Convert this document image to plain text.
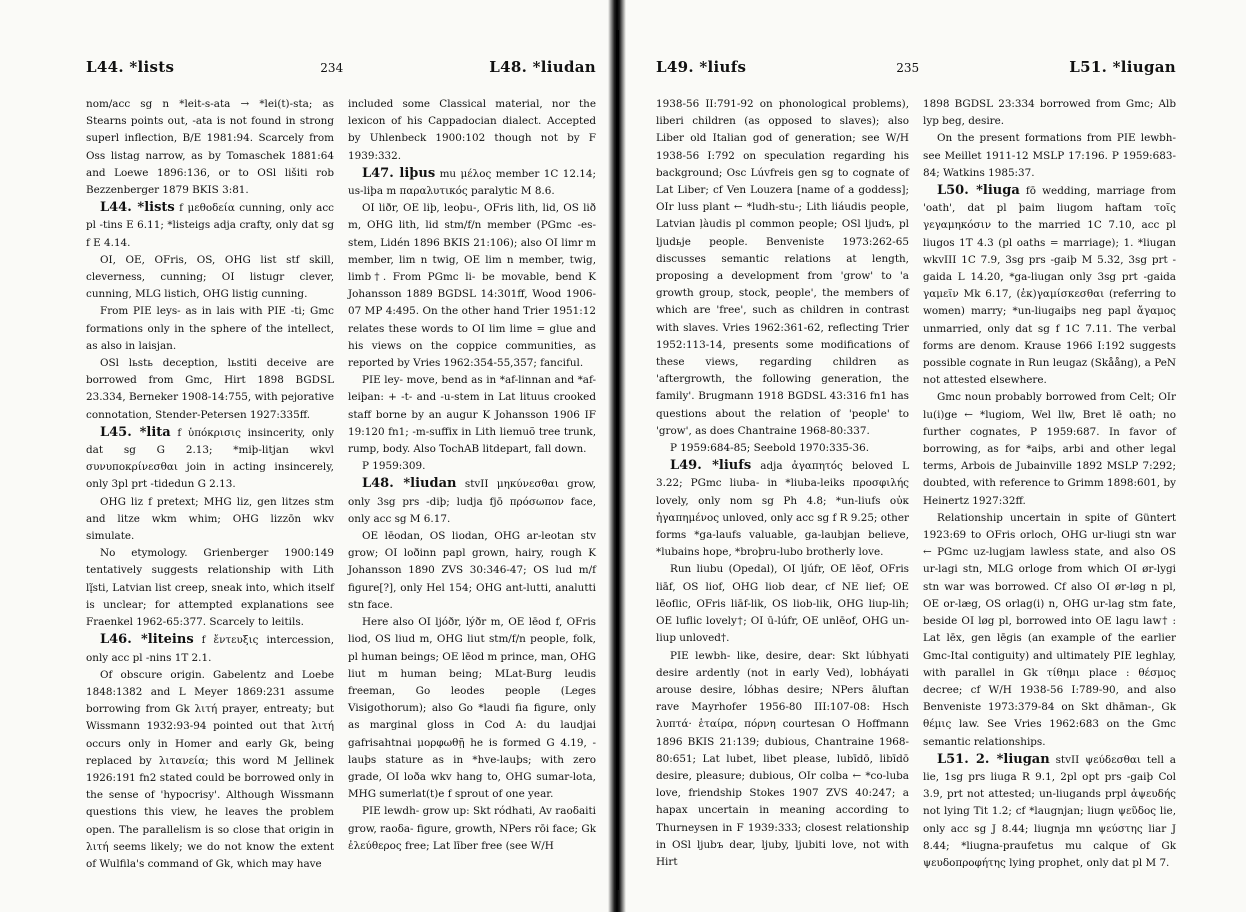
L44. *lists	234	L48. *liudan

nom/acc sg n *leit-s-ata → *lei(t)-sta; as Stearns points out, -ata is not found in strong superl inflection, B/E 1981:94. Scarcely from Oss listag narrow, as by Tomaschek 1881:64 and Loewe 1896:136, or to OSl lišiti rob Bezzenberger 1879 BKIS 3:81.

L44. *lists f μεθοδεία cunning, only acc pl -tins E 6.11; *listeigs adja crafty, only dat sg f E 4.14.

OI, OE, OFris, OS, OHG list stf skill, cleverness, cunning; OI listugr clever, cunning, MLG listich, OHG listig cunning.

From PIE leys- as in lais with PIE -ti; Gmc formations only in the sphere of the intellect, as also in laisjan.

OSl lьstь deception, lьstiti deceive are borrowed from Gmc, Hirt 1898 BGDSL 23.334, Berneker 1908-14:755, with pejorative connotation, Stender-Petersen 1927:335ff.

L45. *lita f ὑπόκρισις insincerity, only dat sg G 2.13; *miþ-litjan wkvl συνυποκρίνεσθαι join in acting insincerely, only 3pl prt -tidedun G 2.13.

OHG liz f pretext; MHG liz, gen litzes stm and litze wkm whim; OHG lizzōn wkv simulate.

No etymology. Grienberger 1900:149 tentatively suggests relationship with Lith lį̃sti, Latvian list creep, sneak into, which itself is unclear; for attempted explanations see Fraenkel 1962-65:377. Scarcely to leitils.

L46. *liteins f ἔντευξις intercession, only acc pl -nins 1T 2.1.

Of obscure origin. Gabelentz and Loebe 1848:1382 and L Meyer 1869:231 assume borrowing from Gk λιτή prayer, entreaty; but Wissmann 1932:93-94 pointed out that λιτή occurs only in Homer and early Gk, being replaced by λιτανεία; this word M Jellinek 1926:191 fn2 stated could be borrowed only in the sense of 'hypocrisy'. Although Wissmann questions this view, he leaves the problem open. The parallelism is so close that origin in λιτή seems likely; we do not know the extent of Wulfila's command of Gk, which may have

included some Classical material, nor the lexicon of his Cappadocian dialect. Accepted by Uhlenbeck 1900:102 though not by F 1939:332.

L47. liþus mu μέλος member 1C 12.14; us-liþa m παραλυτικός paralytic M 8.6.

OI liðr, OE liþ, leoþu-, OFris lith, lid, OS lið m, OHG lith, lid stm/f/n member (PGmc -es-stem, Lidén 1896 BKIS 21:106); also OI limr m member, lim n twig, OE lim n member, twig, limb†. From PGmc li- be movable, bend K Johansson 1889 BGDSL 14:301ff, Wood 1906-07 MP 4:495. On the other hand Trier 1951:12 relates these words to OI lim lime = glue and his views on the coppice communities, as reported by Vries 1962:354-55,357; fanciful.

PIE ley- move, bend as in *af-linnan and *af-leiþan: + -t- and -u-stem in Lat lituus crooked staff borne by an augur K Johansson 1906 IF 19:120 fn1; -m-suffix in Lith liemuõ tree trunk, rump, body. Also TochAB litdepart, fall down.

P 1959:309.

L48. *liudan stvII μηκύνεσθαι grow, only 3sg prs -diþ; ludja fjō πρόσωπον face, only acc sg M 6.17.

OE lēodan, OS liodan, OHG ar-leotan stv grow; OI loðinn papl grown, hairy, rough K Johansson 1890 ZVS 30:346-47; OS lud m/f figure[?], only Hel 154; OHG ant-lutti, analutti stn face.

Here also OI ljóðr, lýðr m, OE lēod f, OFris liod, OS liud m, OHG liut stm/f/n people, folk, pl human beings; OE lēod m prince, man, OHG liut m human being; MLat-Burg leudis freeman, Go leodes people (Leges Visigothorum); also Go *laudi fia figure, only as marginal gloss in Cod A: du laudjai gafrisahtnai μορφωθῇ he is formed G 4.19, -lauþs stature as in *hve-lauþs; with zero grade, OI loða wkv hang to, OHG sumar-lota, MHG sumerlat(t)e f sprout of one year.

PIE lewdh- grow up: Skt ródhati, Av raoδaiti grow, raoδa- figure, growth, NPers rōi face; Gk ἐλεύθερος free; Lat līber free (see W/H

L49. *liufs	235	L51. *liugan

1938-56 II:791-92 on phonological problems), liberi children (as opposed to slaves); also Liber old Italian god of generation; see W/H 1938-56 I:792 on speculation regarding his background; Osc Lúvfreis gen sg to cognate of Lat Liber; cf Ven Louzera [name of a goddess]; OIr luss plant ← *ludh-stu-; Lith liáudis people, Latvian ļàudis pl common people; OSl ljudъ, pl ljudьje people. Benveniste 1973:262-65 discusses semantic relations at length, proposing a development from 'grow' to 'a growth group, stock, people', the members of which are 'free', such as children in contrast with slaves. Vries 1962:361-62, reflecting Trier 1952:113-14, presents some modifications of these views, regarding children as 'aftergrowth, the following generation, the family'. Brugmann 1918 BGDSL 43:316 fn1 has questions about the relation of 'people' to 'grow', as does Chantraine 1968-80:337.

P 1959:684-85; Seebold 1970:335-36.

L49. *liufs adja ἀγαπητός beloved L 3.22; PGmc liuba- in *liuba-leiks προσφιλής lovely, only nom sg Ph 4.8; *un-liufs οὐκ ἠγαπημένος unloved, only acc sg f R 9.25; other forms *ga-laufs valuable, ga-laubjan believe, *lubains hope, *broþru-lubo brotherly love.

Run liubu (Opedal), OI ljúfr, OE lēof, OFris liāf, OS liof, OHG liob dear, cf NE lief; OE lēoflic, OFris liāf-lik, OS liob-lik, OHG liup-lih; OE luflic lovely†; OI ū-lúfr, OE unlēof, OHG un-liup unloved†.

PIE lewbh- like, desire, dear: Skt lúbhyati desire ardently (not in early Ved), lobháyati arouse desire, lóbhas desire; NPers āluftan rave Mayrhofer 1956-80 III:107-08: Hsch λυπτά· ἑταίρα, πόρνη courtesan O Hoffmann 1896 BKIS 21:139; dubious, Chantraine 1968-80:651; Lat lubet, libet please, lubīdō, libīdō desire, pleasure; dubious, OIr colba ← *co-luba love, friendship Stokes 1907 ZVS 40:247; a hapax uncertain in meaning according to Thurneysen in F 1939:333; closest relationship in OSl ljubъ dear, ljuby, ljubiti love, not with Hirt

1898 BGDSL 23:334 borrowed from Gmc; Alb lyp beg, desire.

On the present formations from PIE lewbh- see Meillet 1911-12 MSLP 17:196. P 1959:683-84; Watkins 1985:37.

L50. *liuga fō wedding, marriage from 'oath', dat pl þaim liugom haftam τοῖς γεγαμηκόσιν to the married 1C 7.10, acc pl liugos 1T 4.3 (pl oaths = marriage); 1. *liugan wkvIII 1C 7.9, 3sg prs -gaiþ M 5.32, 3sg prt -gaida L 14.20, *ga-liugan only 3sg prt -gaida γαμεῖν Mk 6.17, (ἐκ)γαμίσκεσθαι (referring to women) marry; *un-liugaiþs neg papl ἄγαμος unmarried, only dat sg f 1C 7.11. The verbal forms are denom. Krause 1966 I:192 suggests possible cognate in Run leugaz (Skåång), a PeN not attested elsewhere.

Gmc noun probably borrowed from Celt; OIr lu(i)ge ← *lugiom, Wel llw, Bret lē oath; no further cognates, P 1959:687. In favor of borrowing, as for *aiþs, arbi and other legal terms, Arbois de Jubainville 1892 MSLP 7:292; doubted, with reference to Grimm 1898:601, by Heinertz 1927:32ff.

Relationship uncertain in spite of Güntert 1923:69 to OFris orloch, OHG ur-liugi stn war ← PGmc uz-lugjam lawless state, and also OS ur-lagi stn, MLG orloge from which OI ør-lygi stn war was borrowed. Cf also OI ør-løg n pl, OE or-læg, OS orlag(i) n, OHG ur-lag stm fate, beside OI løg pl, borrowed into OE lagu law† : Lat lēx, gen lēgis (an example of the earlier Gmc-Ital contiguity) and ultimately PIE leghlay, with parallel in Gk τίθημι place : θέσμος decree; cf W/H 1938-56 I:789-90, and also Benveniste 1973:379-84 on Skt dhāman-, Gk θέμις law. See Vries 1962:683 on the Gmc semantic relationships.

L51. 2. *liugan stvII ψεύδεσθαι tell a lie, 1sg prs liuga R 9.1, 2pl opt prs -gaiþ Col 3.9, prt not attested; un-liugands prpl ἀψευδής not lying Tit 1.2; cf *laugnjan; liugn ψεῦδος lie, only acc sg J 8.44; liugnja mn ψεύστης liar J 8.44; *liugna-praufetus mu calque of Gk ψευδοπροφήτης lying prophet, only dat pl M 7.
